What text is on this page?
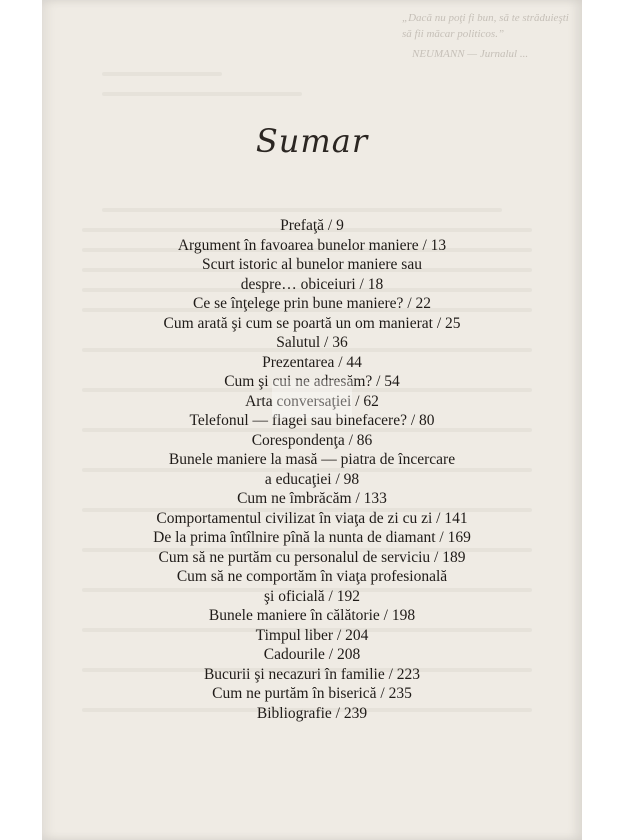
„Dacă nu poţi fi bun, să te străduieşti
să fii măcar politicos.”
NEUMANN — Jurnalul ...
Sumar
Prefaţă / 9
Argument în favoarea bunelor maniere / 13
Scurt istoric al bunelor maniere sau
despre… obiceiuri / 18
Ce se înţelege prin bune maniere? / 22
Cum arată şi cum se poartă un om manierat / 25
Salutul / 36
Prezentarea / 44
Cum şi cui ne adresăm? / 54
Arta conversaţiei / 62
Telefonul — flagel sau binefacere? / 80
Corespondenţa / 86
Bunele maniere la masă — piatra de încercare
a educaţiei / 98
Cum ne îmbrăcăm / 133
Comportamentul civilizat în viaţa de zi cu zi / 141
De la prima întîlnire pînă la nunta de diamant / 169
Cum să ne purtăm cu personalul de serviciu / 189
Cum să ne comportăm în viaţa profesională
şi oficială / 192
Bunele maniere în călătorie / 198
Timpul liber / 204
Cadourile / 208
Bucurii şi necazuri în familie / 223
Cum ne purtăm în biserică / 235
Bibliografie / 239
